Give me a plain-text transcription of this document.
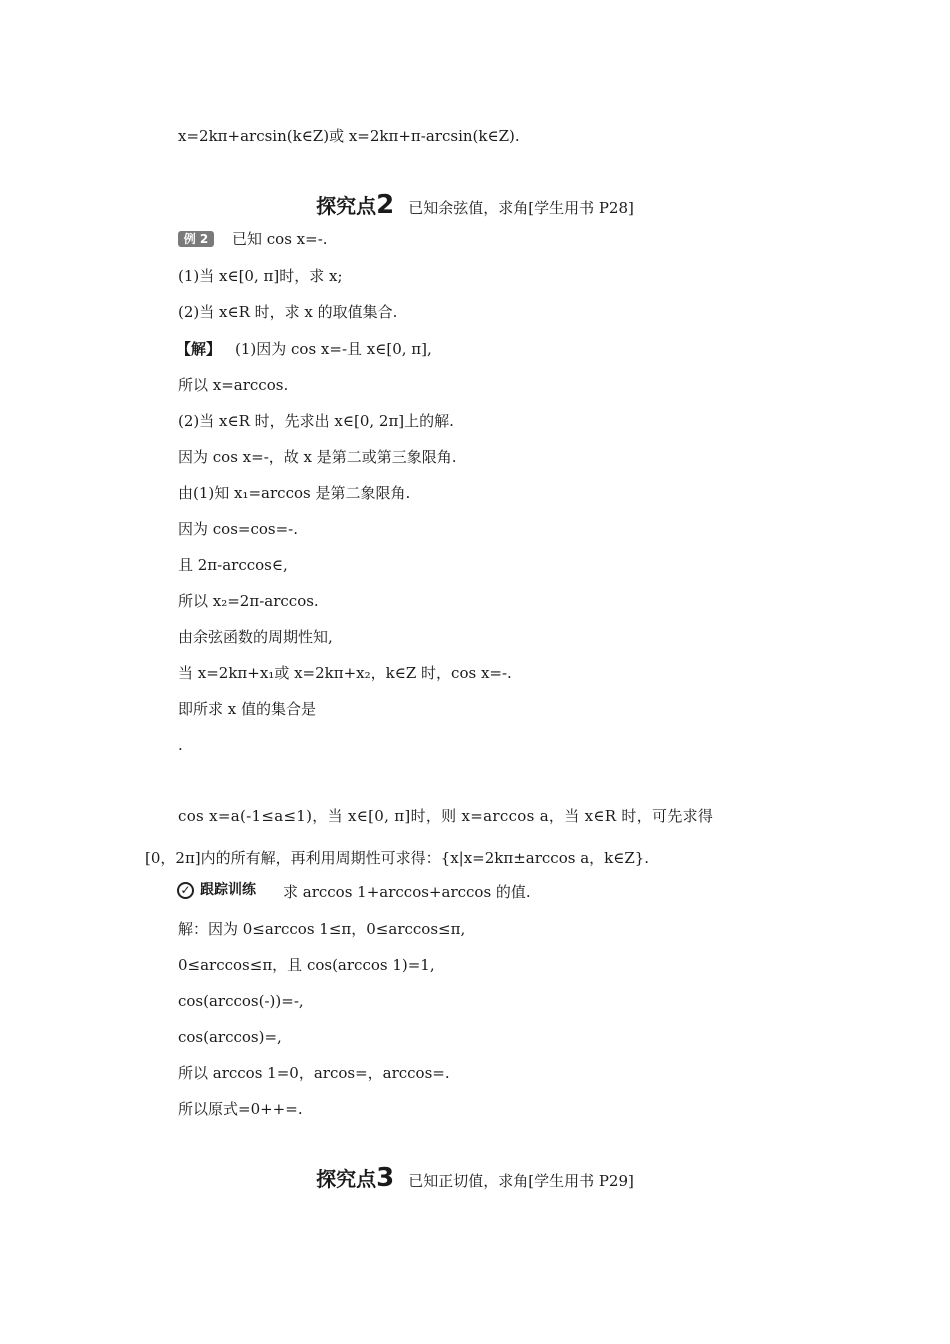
x=2kπ+arcsin(k∈Z)或 x=2kπ+π-arcsin(k∈Z).
探究点2 已知余弦值，求角[学生用书 P28]
例 2	已知 cos x=-.
(1)当 x∈[0, π]时，求 x;
(2)当 x∈R 时，求 x 的取值集合.
【解】 (1)因为 cos x=-且 x∈[0, π],
所以 x=arccos.
(2)当 x∈R 时，先求出 x∈[0, 2π]上的解.
因为 cos x=-，故 x 是第二或第三象限角.
由(1)知 x₁=arccos 是第二象限角.
因为 cos=cos=-.
且 2π-arccos∈,
所以 x₂=2π-arccos.
由余弦函数的周期性知,
当 x=2kπ+x₁或 x=2kπ+x₂，k∈Z 时，cos x=-.
即所求 x 值的集合是
.
cos x=a(-1≤a≤1)，当 x∈[0, π]时，则 x=arccos a，当 x∈R 时，可先求得
[0，2π]内的所有解，再利用周期性可求得：{x|x=2kπ±arccos a，k∈Z}.
✓ 跟踪训练 求 arccos 1+arccos+arccos 的值.
解：因为 0≤arccos 1≤π，0≤arccos≤π,
0≤arccos≤π，且 cos(arccos 1)=1,
cos(arccos(-))=-,
cos(arccos)=,
所以 arccos 1=0，arcos=，arccos=.
所以原式=0++=.
探究点3 已知正切值，求角[学生用书 P29]
